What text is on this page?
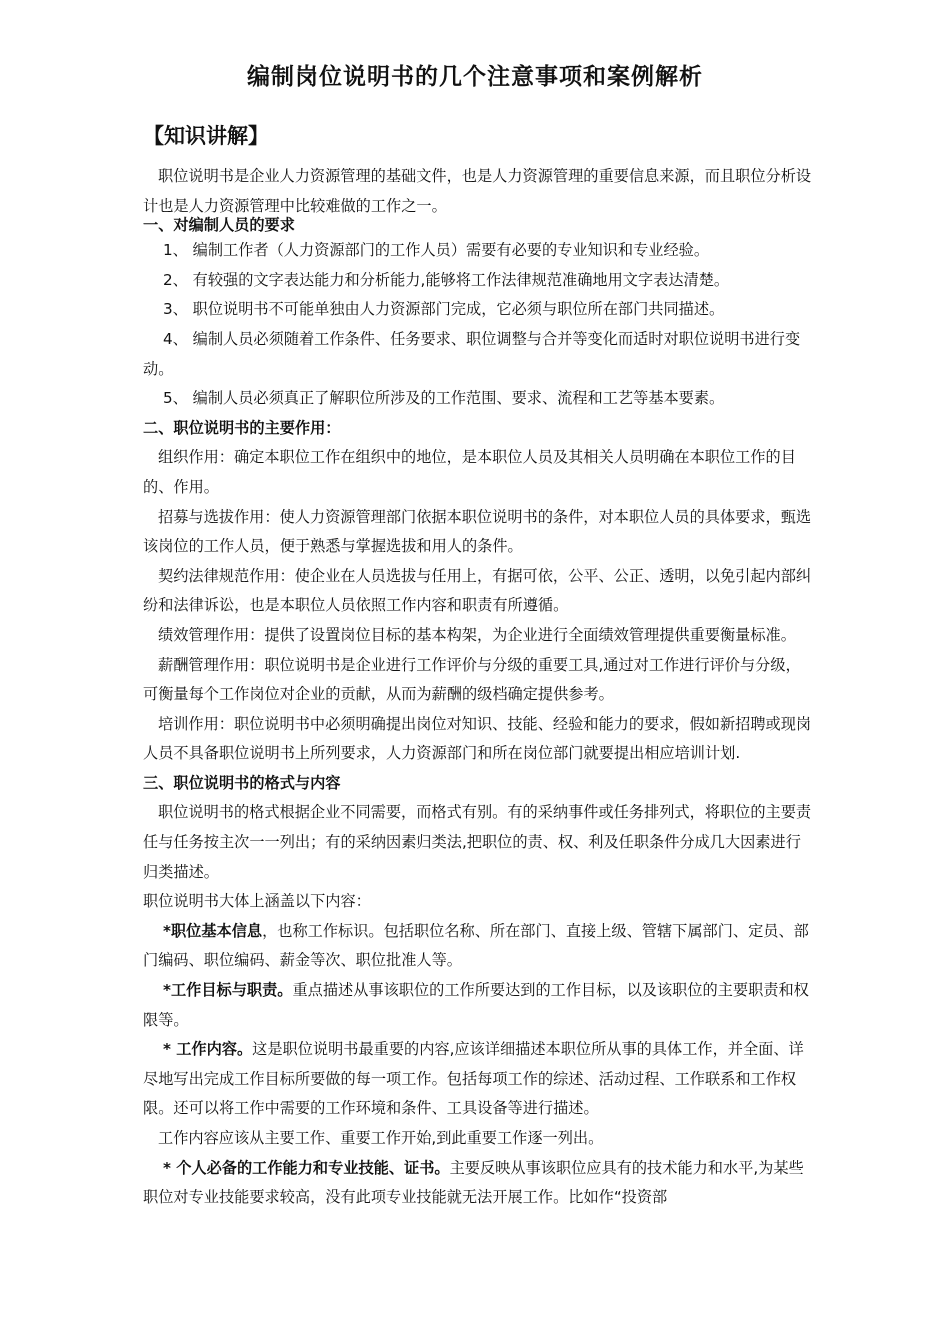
编制岗位说明书的几个注意事项和案例解析
【知识讲解】

职位说明书是企业人力资源管理的基础文件，也是人力资源管理的重要信息来源，而且职位分析设计也是人力资源管理中比较难做的工作之一。

一、对编制人员的要求

1、 编制工作者（人力资源部门的工作人员）需要有必要的专业知识和专业经验。

2、 有较强的文字表达能力和分析能力,能够将工作法律规范准确地用文字表达清楚。

3、 职位说明书不可能单独由人力资源部门完成，它必须与职位所在部门共同描述。

4、 编制人员必须随着工作条件、任务要求、职位调整与合并等变化而适时对职位说明书进行变动。

5、 编制人员必须真正了解职位所涉及的工作范围、要求、流程和工艺等基本要素。

二、职位说明书的主要作用：

组织作用：确定本职位工作在组织中的地位，是本职位人员及其相关人员明确在本职位工作的目的、作用。

招募与选拔作用：使人力资源管理部门依据本职位说明书的条件，对本职位人员的具体要求，甄选该岗位的工作人员，便于熟悉与掌握选拔和用人的条件。

契约法律规范作用：使企业在人员选拔与任用上，有据可依，公平、公正、透明，以免引起内部纠纷和法律诉讼，也是本职位人员依照工作内容和职责有所遵循。

绩效管理作用：提供了设置岗位目标的基本构架，为企业进行全面绩效管理提供重要衡量标准。

薪酬管理作用：职位说明书是企业进行工作评价与分级的重要工具,通过对工作进行评价与分级，可衡量每个工作岗位对企业的贡献，从而为薪酬的级档确定提供参考。

培训作用：职位说明书中必须明确提出岗位对知识、技能、经验和能力的要求，假如新招聘或现岗人员不具备职位说明书上所列要求，人力资源部门和所在岗位部门就要提出相应培训计划.

三、职位说明书的格式与内容

职位说明书的格式根据企业不同需要，而格式有别。有的采纳事件或任务排列式，将职位的主要责任与任务按主次一一列出；有的采纳因素归类法,把职位的责、权、利及任职条件分成几大因素进行归类描述。

职位说明书大体上涵盖以下内容：

*职位基本信息，也称工作标识。包括职位名称、所在部门、直接上级、管辖下属部门、定员、部门编码、职位编码、薪金等次、职位批准人等。

*工作目标与职责。重点描述从事该职位的工作所要达到的工作目标，以及该职位的主要职责和权限等。

* 工作内容。这是职位说明书最重要的内容,应该详细描述本职位所从事的具体工作，并全面、详尽地写出完成工作目标所要做的每一项工作。包括每项工作的综述、活动过程、工作联系和工作权限。还可以将工作中需要的工作环境和条件、工具设备等进行描述。

工作内容应该从主要工作、重要工作开始,到此重要工作逐一列出。

* 个人必备的工作能力和专业技能、证书。主要反映从事该职位应具有的技术能力和水平,为某些职位对专业技能要求较高，没有此项专业技能就无法开展工作。比如作“投资部
